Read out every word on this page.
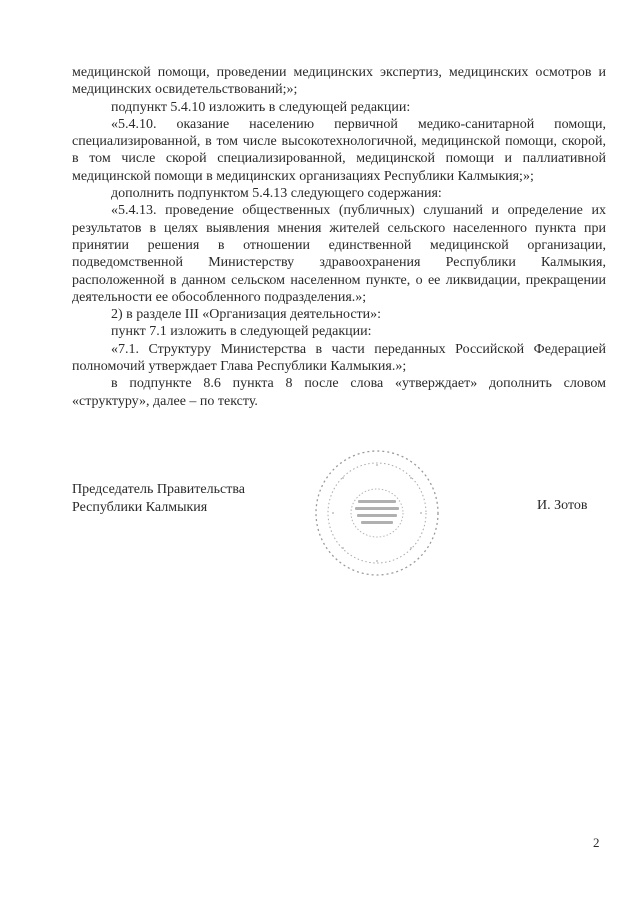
медицинской помощи, проведении медицинских экспертиз, медицинских осмотров и медицинских освидетельствований;»;

подпункт 5.4.10 изложить в следующей редакции:

«5.4.10. оказание населению первичной медико-санитарной помощи, специализированной, в том числе высокотехнологичной, медицинской помощи, скорой, в том числе скорой специализированной, медицинской помощи и паллиативной медицинской помощи в медицинских организациях Республики Калмыкия;»;

дополнить подпунктом 5.4.13 следующего содержания:

«5.4.13. проведение общественных (публичных) слушаний и определение их результатов в целях выявления мнения жителей сельского населенного пункта при принятии решения в отношении единственной медицинской организации, подведомственной Министерству здравоохранения Республики Калмыкия, расположенной в данном сельском населенном пункте, о ее ликвидации, прекращении деятельности ее обособленного подразделения.»;

2) в разделе III «Организация деятельности»:

пункт 7.1 изложить в следующей редакции:

«7.1. Структуру Министерства в части переданных Российской Федерацией полномочий утверждает Глава Республики Калмыкия.»;

в подпункте 8.6 пункта 8 после слова «утверждает» дополнить словом «структуру», далее – по тексту.

Председатель Правительства
Республики Калмыкия	И. Зотов
2
